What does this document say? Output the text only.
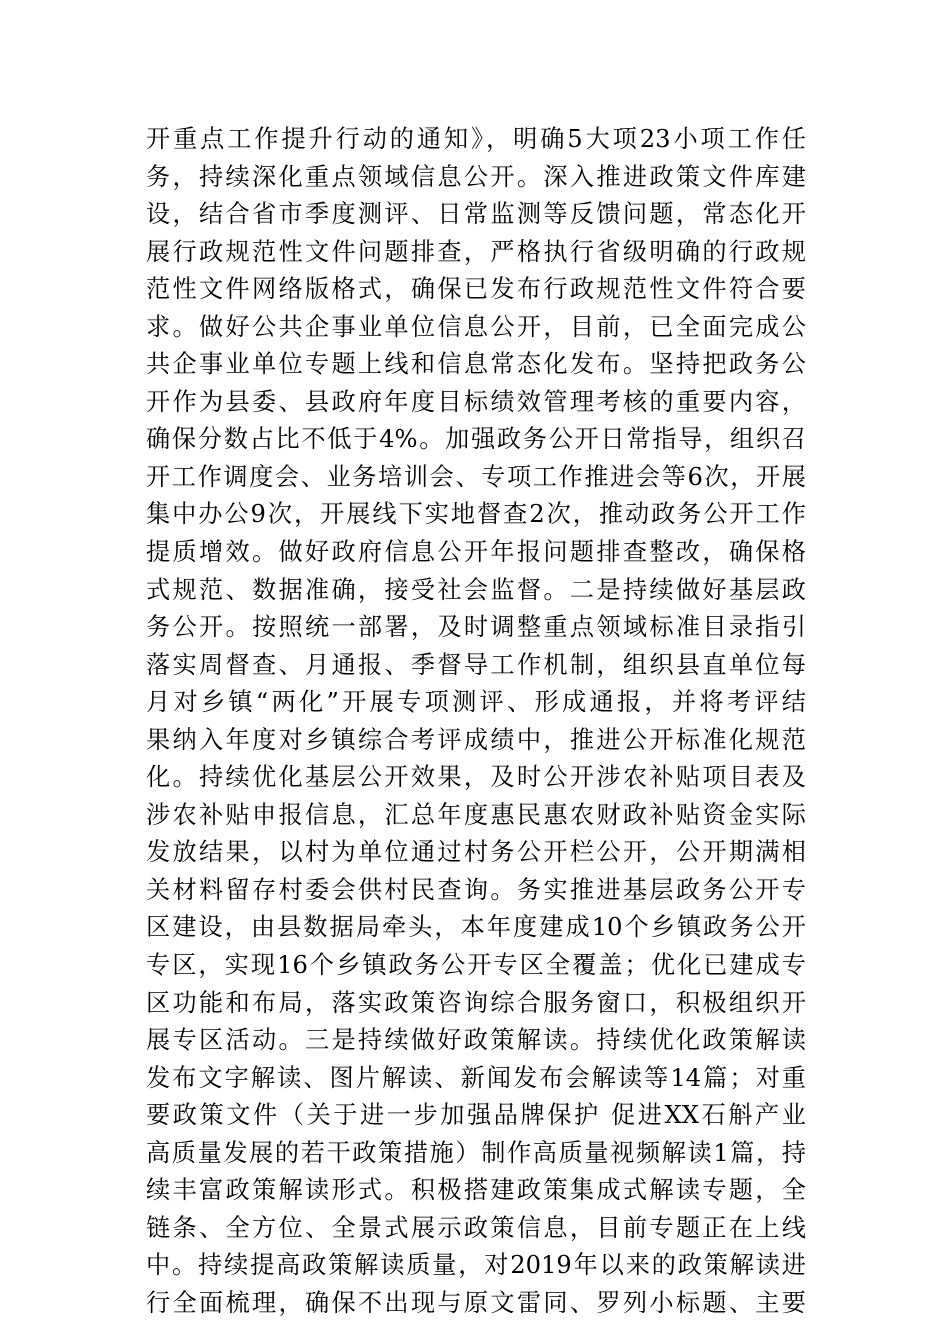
开重点工作提升行动的通知》，明确5大项23小项工作任
务，持续深化重点领域信息公开。深入推进政策文件库建
设，结合省市季度测评、日常监测等反馈问题，常态化开
展行政规范性文件问题排查，严格执行省级明确的行政规
范性文件网络版格式，确保已发布行政规范性文件符合要
求。做好公共企事业单位信息公开，目前，已全面完成公
共企事业单位专题上线和信息常态化发布。坚持把政务公
开作为县委、县政府年度目标绩效管理考核的重要内容，
确保分数占比不低于4%。加强政务公开日常指导，组织召
开工作调度会、业务培训会、专项工作推进会等6次，开展
集中办公9次，开展线下实地督查2次，推动政务公开工作
提质增效。做好政府信息公开年报问题排查整改，确保格
式规范、数据准确，接受社会监督。二是持续做好基层政
务公开。按照统一部署，及时调整重点领域标准目录指引
落实周督查、月通报、季督导工作机制，组织县直单位每
月对乡镇“两化”开展专项测评、形成通报，并将考评结
果纳入年度对乡镇综合考评成绩中，推进公开标准化规范
化。持续优化基层公开效果，及时公开涉农补贴项目表及
涉农补贴申报信息，汇总年度惠民惠农财政补贴资金实际
发放结果，以村为单位通过村务公开栏公开，公开期满相
关材料留存村委会供村民查询。务实推进基层政务公开专
区建设，由县数据局牵头，本年度建成10个乡镇政务公开
专区，实现16个乡镇政务公开专区全覆盖；优化已建成专
区功能和布局，落实政策咨询综合服务窗口，积极组织开
展专区活动。三是持续做好政策解读。持续优化政策解读
发布文字解读、图片解读、新闻发布会解读等14篇；对重
要政策文件（关于进一步加强品牌保护 促进XX石斛产业
高质量发展的若干政策措施）制作高质量视频解读1篇，持
续丰富政策解读形式。积极搭建政策集成式解读专题，全
链条、全方位、全景式展示政策信息，目前专题正在上线
中。持续提高政策解读质量，对2019年以来的政策解读进
行全面梳理，确保不出现与原文雷同、罗列小标题、主要
